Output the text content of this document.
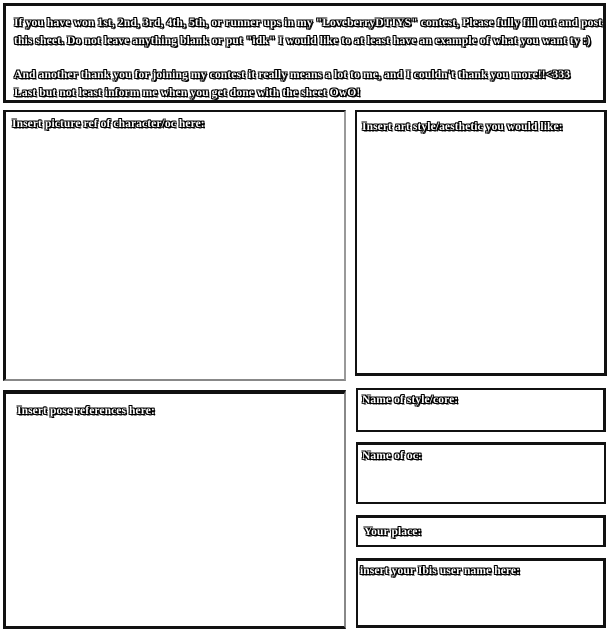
If you have won 1st, 2nd, 3rd, 4th, 5th, or runner ups in my "LoveberryDTIYS" contest, Please fully fill out and post

this sheet. Do not leave anything blank or put "idk" I would like to at least have an example of what you want ty :)

And another thank you for joining my contest it really means a lot to me, and I couldn't thank you more!!<333

Last but not least inform me when you get done with the sheet OwO!

Insert picture ref of character/oc here:	Insert art style/aesthetic you would like:
Insert pose references here:
Name of style/core:
Name of oc:
Your place:
insert your Ibis user name here:
